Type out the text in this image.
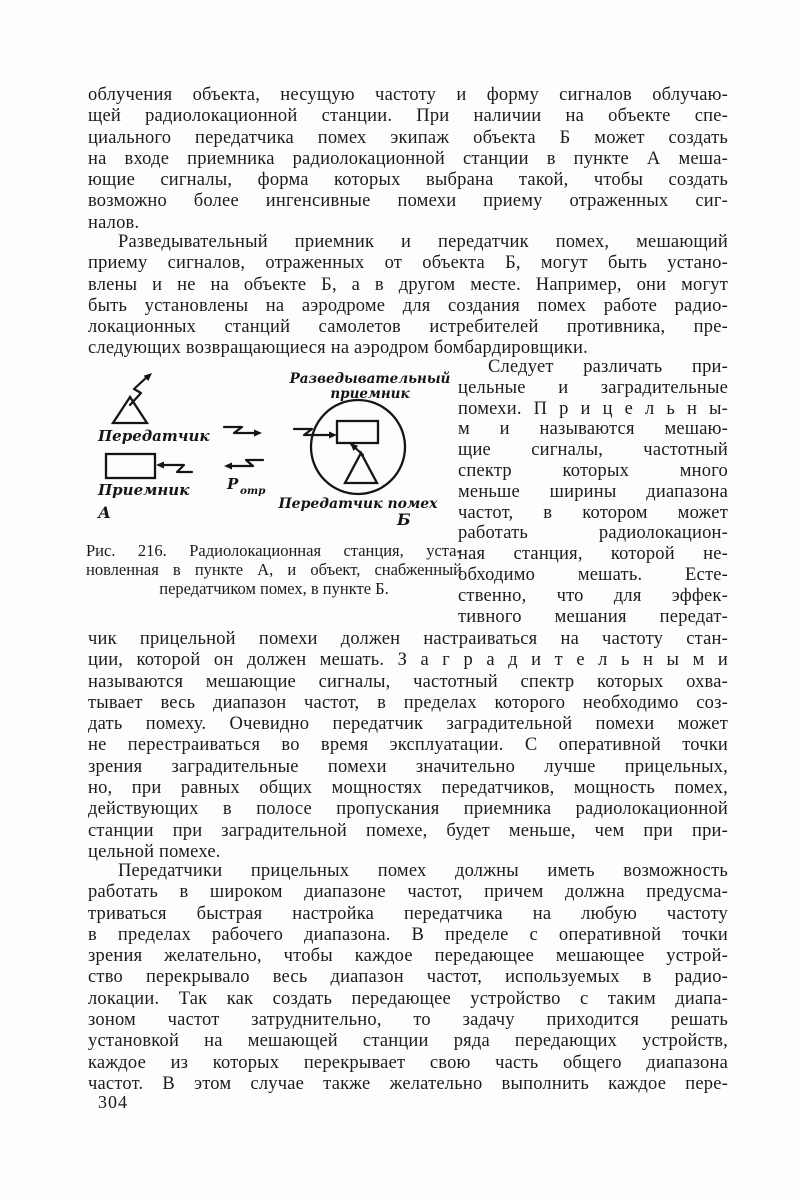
облучения объекта, несущую частоту и форму сигналов облучаю-
щей радиолокационной станции. При наличии на объекте спе-
циального передатчика помех экипаж объекта Б может создать
на входе приемника радиолокационной станции в пункте А меша-
ющие сигналы, форма которых выбрана такой, чтобы создать
возможно более ингенсивные помехи приему отраженных сиг-
налов.
Разведывательный приемник и передатчик помех, мешающий
приему сигналов, отраженных от объекта Б, могут быть устано-
влены и не на объекте Б, а в другом месте. Например, они могут
быть установлены на аэродроме для создания помех работе радио-
локационных станций самолетов истребителей противника, пре-
следующих возвращающиеся на аэродром бомбардировщики.
Передатчик
Приемник
А
Р отр
Разведывательный
приемник
Передатчик помех
Б
Рис. 216. Радиолокационная станция, уста-
новленная в пункте А, и объект, снабженный
передатчиком помех, в пункте Б.
Следует различать при-
цельные и заградительные
помехи. П р и ц е л ь н ы-
м и называются мешаю-
щие сигналы, частотный
спектр которых много
меньше ширины диапазона
частот, в котором может
работать радиолокацион-
ная станция, которой не-
обходимо мешать. Есте-
ственно, что для эффек-
тивного мешания передат-
чик прицельной помехи должен настраиваться на частоту стан-
ции, которой он должен мешать. З а г р а д и т е л ь н ы м и
называются мешающие сигналы, частотный спектр которых охва-
тывает весь диапазон частот, в пределах которого необходимо соз-
дать помеху. Очевидно передатчик заградительной помехи может
не перестраиваться во время эксплуатации. С оперативной точки
зрения заградительные помехи значительно лучше прицельных,
но, при равных общих мощностях передатчиков, мощность помех,
действующих в полосе пропускания приемника радиолокационной
станции при заградительной помехе, будет меньше, чем при при-
цельной помехе.
Передатчики прицельных помех должны иметь возможность
работать в широком диапазоне частот, причем должна предусма-
триваться быстрая настройка передатчика на любую частоту
в пределах рабочего диапазона. В пределе с оперативной точки
зрения желательно, чтобы каждое передающее мешающее устрой-
ство перекрывало весь диапазон частот, используемых в радио-
локации. Так как создать передающее устройство с таким диапа-
зоном частот затруднительно, то задачу приходится решать
установкой на мешающей станции ряда передающих устройств,
каждое из которых перекрывает свою часть общего диапазона
частот. В этом случае также желательно выполнить каждое пере-
304
